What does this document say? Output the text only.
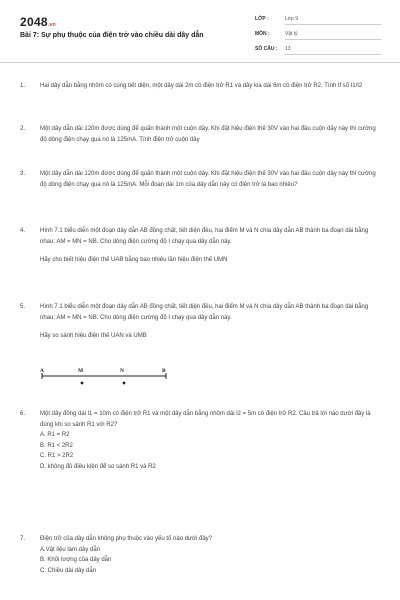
2048.vn
Bài 7: Sự phụ thuộc của điện trở vào chiều dài dây dẫn
LỚP :	Lớp 9
MÔN :	Vật lý
SỐ CÂU : 13
1.	Hai dây dẫn bằng nhôm có cùng tiết diện, một dây dài 2m có điện trở R1 và dây kia dài 6m có điện trở R2. Tính tỉ số I1/I2

2.	Một dây dẫn dài 120m được dùng để quấn thành một cuộn dây. Khi đặt hiệu điện thế 30V vào hai đầu cuộn dây này thì cường độ dòng điện chạy qua nó là 125mA. Tính điện trở cuộn dây

3.	Một dây dẫn dài 120m được dùng để quấn thành một cuộn dây. Khi đặt hiệu điện thế 30V vào hai đầu cuộn dây này thì cường độ dòng điện chạy qua nó là 125mA. Mỗi đoạn dài 1m của dây dẫn này có điện trở là bao nhiêu?

4.	Hình 7.1 biểu diễn một đoạn dây dẫn AB đồng chất, tiết diện đều, hai điểm M và N chia dây dẫn AB thành ba đoạn dài bằng nhau: AM = MN = NB. Cho dòng điện cường độ I chạy qua dây dẫn này.

Hãy cho biết hiệu điện thế UAB bằng bao nhiêu lần hiệu điện thế UMN

5.	Hình 7.1 biểu diễn một đoạn dây dẫn AB đồng chất, tiết diện đều, hai điểm M và N chia dây dẫn AB thành ba đoạn dài bằng nhau: AM = MN = NB. Cho dòng điện cường độ I chạy qua dây dẫn này.

Hãy so sánh hiệu điện thế UAN và UMB

A	M	N	B
6.	Một dây đồng dài l1 = 10m có điện trở R1 và một dây dẫn bằng nhôm dài l2 = 5m có điện trở R2. Câu trả lời nào dưới đây là đúng khi so sánh R1 với R2?

A. R1 = R2

B. R1 < 2R2

C. R1 > 2R2

D. không đủ điều kiện để so sánh R1 và R2

7.	Điện trở của dây dẫn không phụ thuộc vào yếu tố nào dưới đây?

A.Vật liệu làm dây dẫn

B. Khối lượng của dây dẫn

C. Chiều dài dây dẫn
